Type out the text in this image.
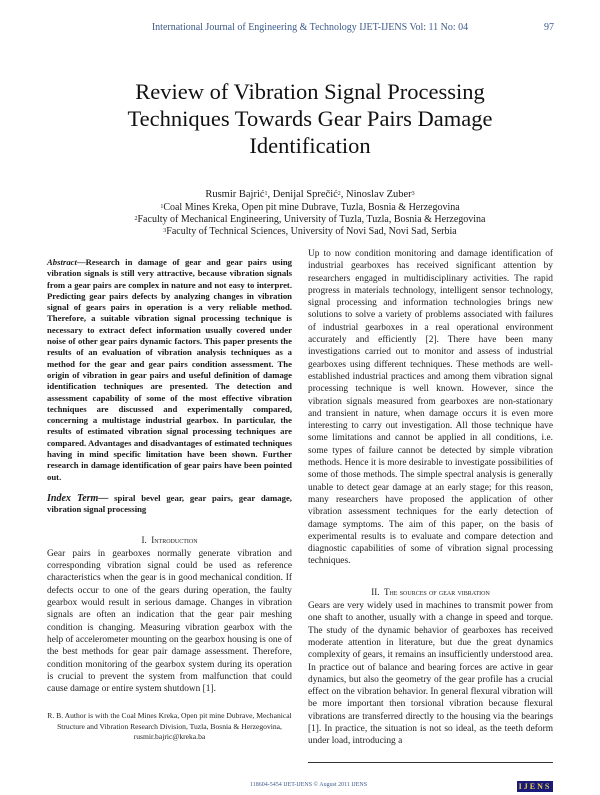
International Journal of Engineering & Technology IJET-IJENS Vol: 11 No: 04	97
Review of Vibration Signal Processing
Techniques Towards Gear Pairs Damage
Identification
Rusmir Bajrić$^1$, Denijal Sprečić$^2$, Ninoslav Zuber$^3$
$^1$Coal Mines Kreka, Open pit mine Dubrave, Tuzla, Bosnia & Herzegovina
$^2$Faculty of Mechanical Engineering, University of Tuzla, Tuzla, Bosnia & Herzegovina
$^3$Faculty of Technical Sciences, University of Novi Sad, Novi Sad, Serbia

Abstract—Research in damage of gear and gear pairs using vibration signals is still very attractive, because vibration signals from a gear pairs are complex in nature and not easy to interpret. Predicting gear pairs defects by analyzing changes in vibration signal of gears pairs in operation is a very reliable method. Therefore, a suitable vibration signal processing technique is necessary to extract defect information usually covered under noise of other gear pairs dynamic factors. This paper presents the results of an evaluation of vibration analysis techniques as a method for the gear and gear pairs condition assessment. The origin of vibration in gear pairs and useful definition of damage identification techniques are presented. The detection and assessment capability of some of the most effective vibration techniques are discussed and experimentally compared, concerning a multistage industrial gearbox. In particular, the results of estimated vibration signal processing techniques are compared. Advantages and disadvantages of estimated techniques having in mind specific limitation have been shown. Further research in damage identification of gear pairs have been pointed out.

Index Term— spiral bevel gear, gear pairs, gear damage, vibration signal processing

I. Introduction

Gear pairs in gearboxes normally generate vibration and corresponding vibration signal could be used as reference characteristics when the gear is in good mechanical condition. If defects occur to one of the gears during operation, the faulty gearbox would result in serious damage. Changes in vibration signals are often an indication that the gear pair meshing condition is changing. Measuring vibration gearbox with the help of accelerometer mounting on the gearbox housing is one of the best methods for gear pair damage assessment. Therefore, condition monitoring of the gearbox system during its operation is crucial to prevent the system from malfunction that could cause damage or entire system shutdown [1].

R. B. Author is with the Coal Mines Kreka, Open pit mine Dubrave, Mechanical Structure and Vibration Research Division, Tuzla, Bosnia & Herzegovina, rusmir.bajric@kreka.ba

Up to now condition monitoring and damage identification of industrial gearboxes has received significant attention by researchers engaged in multidisciplinary activities. The rapid progress in materials technology, intelligent sensor technology, signal processing and information technologies brings new solutions to solve a variety of problems associated with failures of industrial gearboxes in a real operational environment accurately and efficiently [2]. There have been many investigations carried out to monitor and assess of industrial gearboxes using different techniques. These methods are well-established industrial practices and among them vibration signal processing technique is well known. However, since the vibration signals measured from gearboxes are non-stationary and transient in nature, when damage occurs it is even more interesting to carry out investigation. All those technique have some limitations and cannot be applied in all conditions, i.e. some types of failure cannot be detected by simple vibration methods. Hence it is more desirable to investigate possibilities of some of those methods. The simple spectral analysis is generally unable to detect gear damage at an early stage; for this reason, many researchers have proposed the application of other vibration assessment techniques for the early detection of damage symptoms. The aim of this paper, on the basis of experimental results is to evaluate and compare detection and diagnostic capabilities of some of vibration signal processing techniques.

II. The sources of gear vibration

Gears are very widely used in machines to transmit power from one shaft to another, usually with a change in speed and torque. The study of the dynamic behavior of gearboxes has received moderate attention in literature, but due the great dynamics complexity of gears, it remains an insufficiently understood area. In practice out of balance and bearing forces are active in gear dynamics, but also the geometry of the gear profile has a crucial effect on the vibration behavior. In general flexural vibration will be more important then torsional vibration because flexural vibrations are transferred directly to the housing via the bearings [1]. In practice, the situation is not so ideal, as the teeth deform under load, introducing a

118604-5454 IJET-IJENS © August 2011 IJENS	IJENS
